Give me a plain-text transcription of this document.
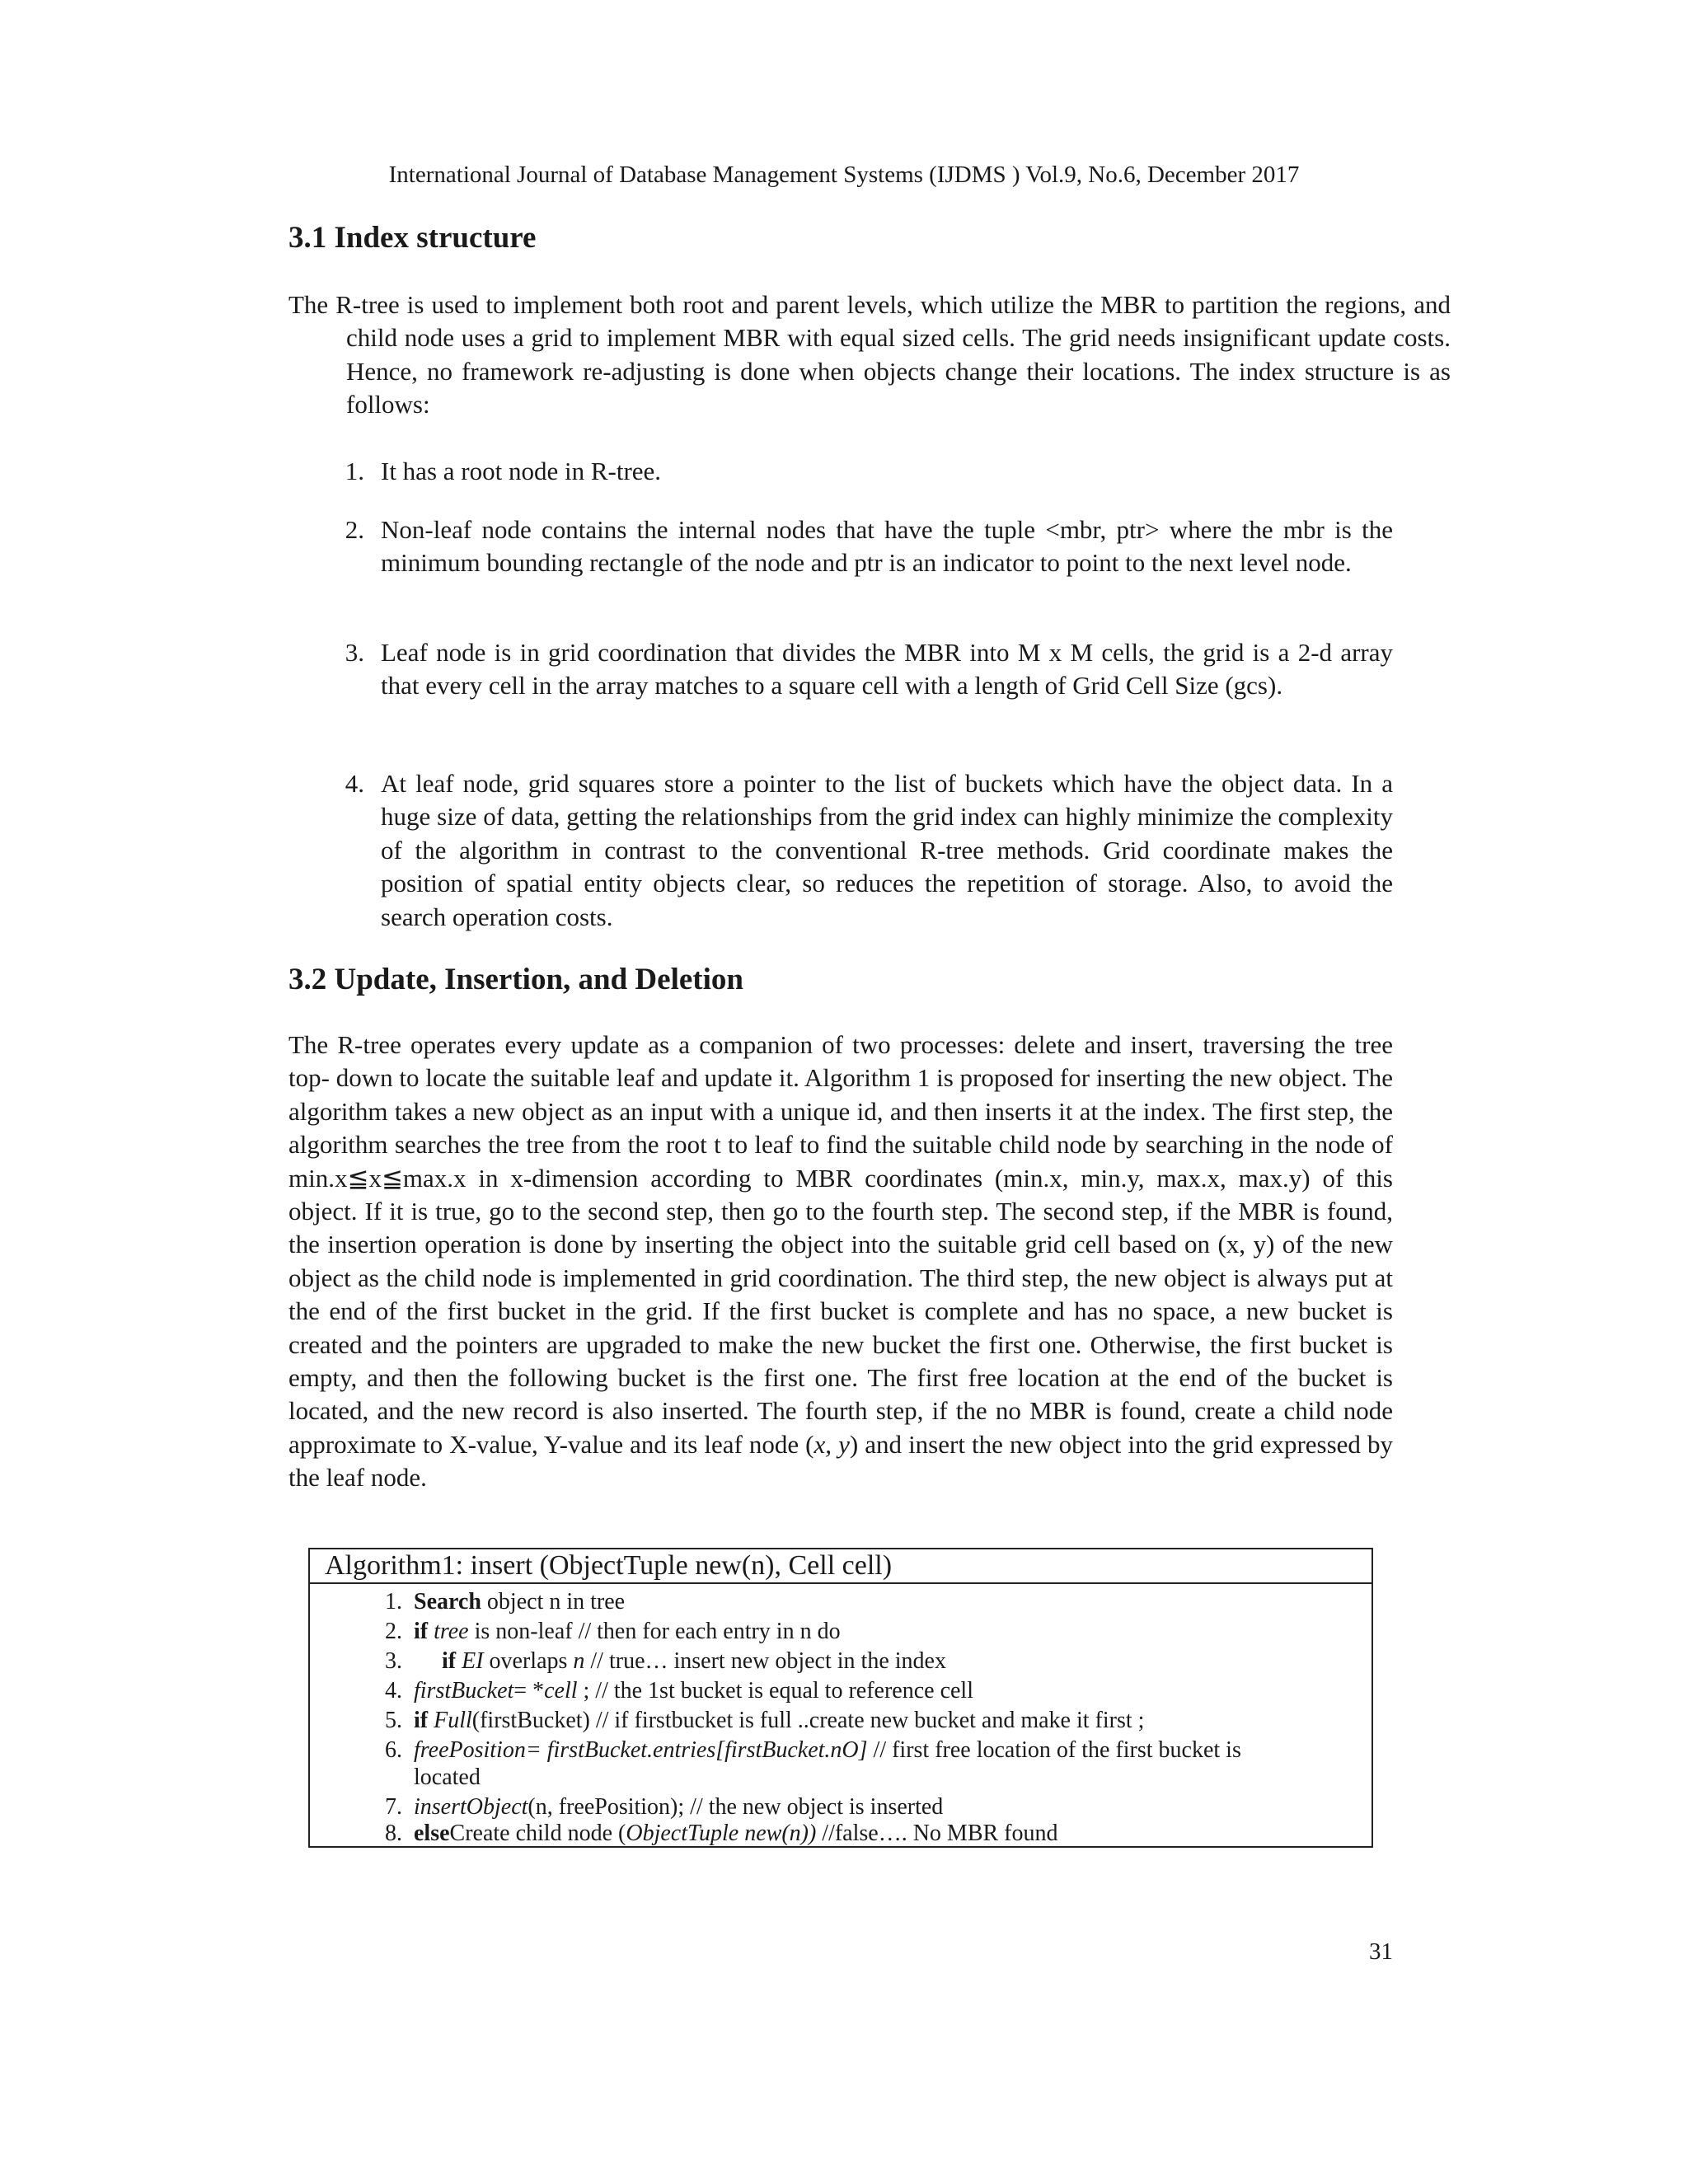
International Journal of Database Management Systems (IJDMS ) Vol.9, No.6, December 2017
3.1 Index structure

The R-tree is used to implement both root and parent levels, which utilize the MBR to partition the regions, and child node uses a grid to implement MBR with equal sized cells. The grid needs insignificant update costs. Hence, no framework re-adjusting is done when objects change their locations. The index structure is as follows:

1. It has a root node in R-tree.
2. Non-leaf node contains the internal nodes that have the tuple <mbr, ptr> where the mbr is the minimum bounding rectangle of the node and ptr is an indicator to point to the next level node.
3. Leaf node is in grid coordination that divides the MBR into M x M cells, the grid is a 2-d array that every cell in the array matches to a square cell with a length of Grid Cell Size (gcs).
4. At leaf node, grid squares store a pointer to the list of buckets which have the object data. In a huge size of data, getting the relationships from the grid index can highly minimize the complexity of the algorithm in contrast to the conventional R-tree methods. Grid coordinate makes the position of spatial entity objects clear, so reduces the repetition of storage. Also, to avoid the search operation costs.
3.2 Update, Insertion, and Deletion

The R-tree operates every update as a companion of two processes: delete and insert, traversing the tree top- down to locate the suitable leaf and update it. Algorithm 1 is proposed for inserting the new object. The algorithm takes a new object as an input with a unique id, and then inserts it at the index. The first step, the algorithm searches the tree from the root t to leaf to find the suitable child node by searching in the node of min.x≦x≦max.x in x-dimension according to MBR coordinates (min.x, min.y, max.x, max.y) of this object. If it is true, go to the second step, then go to the fourth step. The second step, if the MBR is found, the insertion operation is done by inserting the object into the suitable grid cell based on (x, y) of the new object as the child node is implemented in grid coordination. The third step, the new object is always put at the end of the first bucket in the grid. If the first bucket is complete and has no space, a new bucket is created and the pointers are upgraded to make the new bucket the first one. Otherwise, the first bucket is empty, and then the following bucket is the first one. The first free location at the end of the bucket is located, and the new record is also inserted. The fourth step, if the no MBR is found, create a child node approximate to X-value, Y-value and its leaf node (x, y) and insert the new object into the grid expressed by the leaf node.

Algorithm1: insert (ObjectTuple new(n), Cell cell)
1. Search object n in tree
2. if tree is non-leaf // then for each entry in n do
3. if EI overlaps n // true… insert new object in the index
4. firstBucket= *cell ; // the 1st bucket is equal to reference cell
5. if Full(firstBucket) // if firstbucket is full ..create new bucket and make it first ;
6. freePosition= firstBucket.entries[firstBucket.nO] // first free location of the first bucket is
located
7. insertObject(n, freePosition); // the new object is inserted
8. elseCreate child node (ObjectTuple new(n)) //false…. No MBR found
31
